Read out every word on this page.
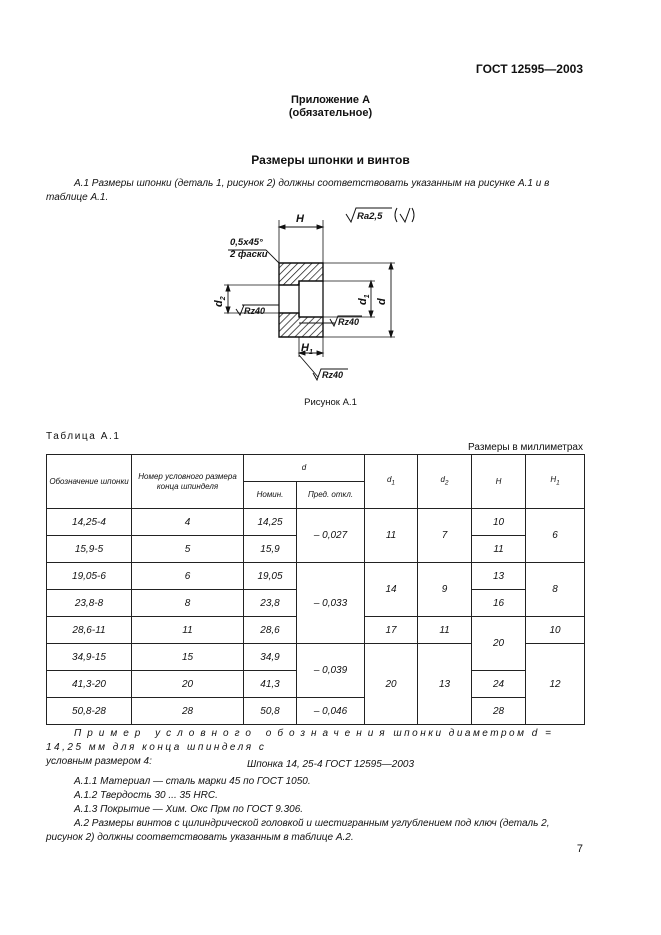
ГОСТ 12595—2003
Приложение А
(обязательное)
Размеры шпонки и винтов
А.1 Размеры шпонки (деталь 1, рисунок 2) должны соответствовать указанным на рисунке А.1 и в
таблице А.1.
0,5х45°
2 фаски
H
$H_1$
d
$d_1$
$d_2$
Ra2,5
Rz40
Rz40
Rz40
Рисунок А.1
Таблица А.1
Размеры в миллиметрах
Обозначение шпонки	Номер условного размера конца шпинделя	d		$d_1$	$d_2$	H	$H_1$
		Номин.	Пред. откл.				
14,25-4	4	14,25	– 0,027	11	7	10	6
15,9-5	5	15,9				11	
19,05-6	6	19,05	– 0,033	14	9	13	8
23,8-8	8	23,8				16	
28,6-11	11	28,6		17	11	20	10
34,9-15	15	34,9	– 0,039	20	13		12
41,3-20	20	41,3				24	
50,8-28	28	50,8	– 0,046			28	
Пример условного обозначения шпонки диаметром d = 14,25 мм для конца шпинделя с
условным размером 4:	Шпонка 14, 25-4 ГОСТ 12595—2003
А.1.1 Материал — сталь марки 45 по ГОСТ 1050.
А.1.2 Твердость 30 ... 35 HRC.
А.1.3 Покрытие — Хим. Окс Прм по ГОСТ 9.306.
А.2 Размеры винтов с цилиндрической головкой и шестигранным углублением под ключ (деталь 2,
рисунок 2) должны соответствовать указанным в таблице А.2.
7
